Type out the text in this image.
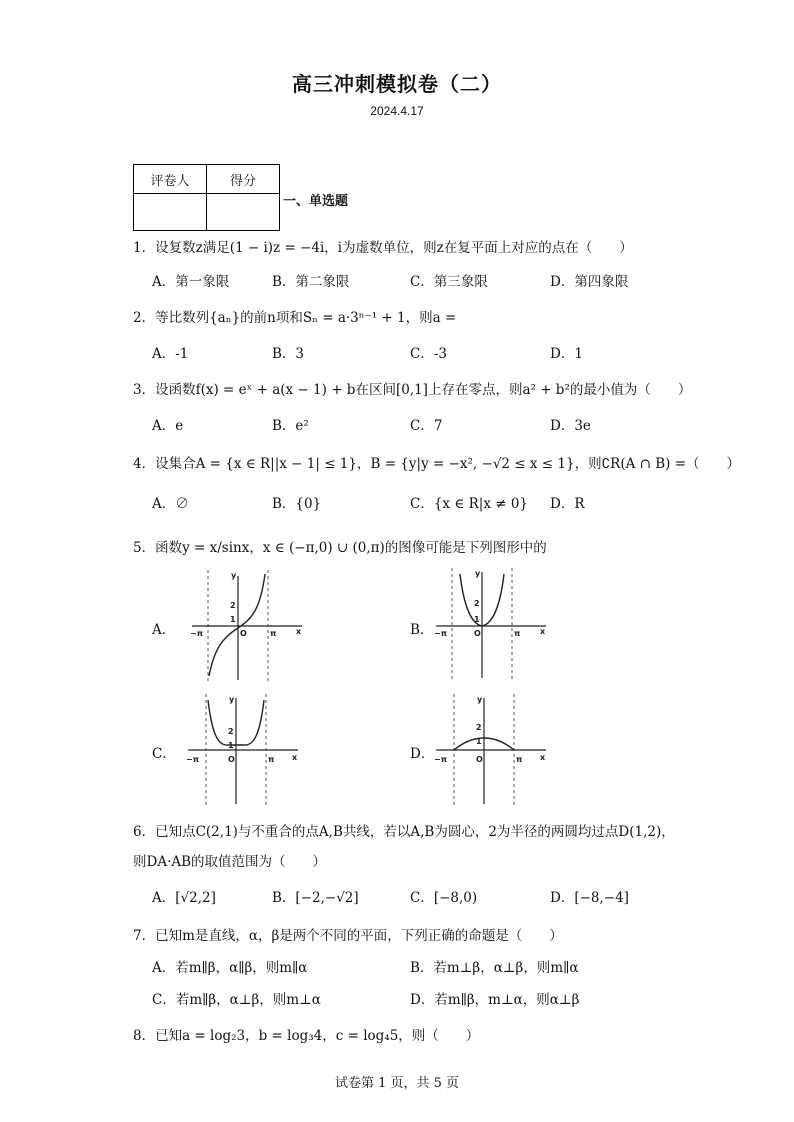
高三冲刺模拟卷（二）
2024.4.17
评卷人	得分

一、单选题
1．设复数z满足(1 − i)z = −4i，i为虚数单位，则z在复平面上对应的点在（　　）
A．第一象限	B．第二象限	C．第三象限	D．第四象限
2．等比数列{aₙ}的前n项和Sₙ = a·3ⁿ⁻¹ + 1，则a =
A．-1	B．3	C．-3	D．1
3．设函数f(x) = eˣ + a(x − 1) + b在区间[0,1]上存在零点，则a² + b²的最小值为（　　）
A．e	B．e²	C．7	D．3e
4．设集合A = {x ∈ R||x − 1| ≤ 1}，B = {y|y = −x², −√2 ≤ x ≤ 1}，则∁R(A ∩ B) =（　　）
A．∅	B．{0}	C．{x ∈ R|x ≠ 0} D．R
5．函数y = x/sinx，x ∈ (−π,0) ∪ (0,π)的图像可能是下列图形中的
A．	B．
C．	D．
y
x
O
2
1
−π	π
y
x
O
2
1
−π	π
y
x
O
2
1
−π	π
y
x
O
2
1
−π	π
6．已知点C(2,1)与不重合的点A,B共线，若以A,B为圆心，2为半径的两圆均过点D(1,2)，
则DA·AB的取值范围为（　　）
A．[√2,2]	B．[−2,−√2]	C．[−8,0)	D．[−8,−4]
7．已知m是直线，α，β是两个不同的平面，下列正确的命题是（　　）
A．若m∥β，α∥β，则m∥α	B．若m⊥β，α⊥β，则m∥α
C．若m∥β，α⊥β，则m⊥α	D．若m∥β，m⊥α，则α⊥β
8．已知a = log₂3，b = log₃4，c = log₄5，则（　　）
试卷第 1 页，共 5 页
